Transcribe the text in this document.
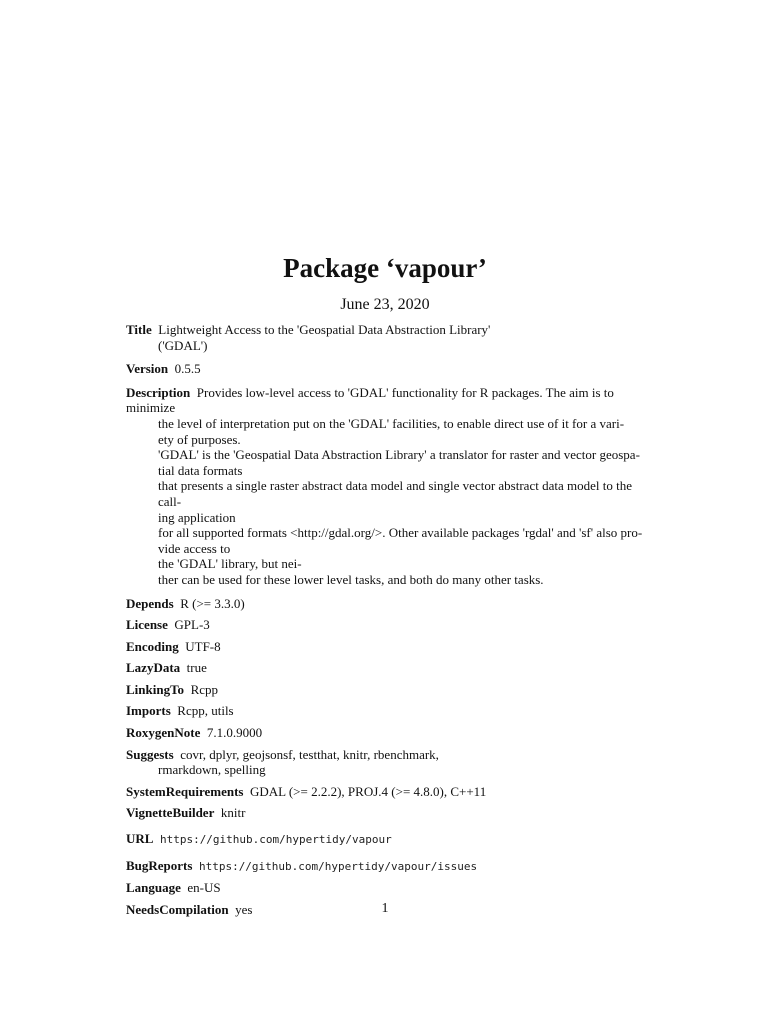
Package ‘vapour’
June 23, 2020

Title Lightweight Access to the 'Geospatial Data Abstraction Library'
('GDAL')

Version 0.5.5

Description Provides low-level access to 'GDAL' functionality for R packages. The aim is to minimize
the level of interpretation put on the 'GDAL' facilities, to enable direct use of it for a vari-
ety of purposes.
'GDAL' is the 'Geospatial Data Abstraction Library' a translator for raster and vector geospa-
tial data formats
that presents a single raster abstract data model and single vector abstract data model to the call-
ing application
for all supported formats <http://gdal.org/>. Other available packages 'rgdal' and 'sf' also pro-
vide access to
the 'GDAL' library, but nei-
ther can be used for these lower level tasks, and both do many other tasks.

Depends R (>= 3.3.0)

License GPL-3

Encoding UTF-8

LazyData true

LinkingTo Rcpp

Imports Rcpp, utils

RoxygenNote 7.1.0.9000

Suggests covr, dplyr, geojsonsf, testthat, knitr, rbenchmark,
rmarkdown, spelling

SystemRequirements GDAL (>= 2.2.2), PROJ.4 (>= 4.8.0), C++11

VignetteBuilder knitr

URL https://github.com/hypertidy/vapour

BugReports https://github.com/hypertidy/vapour/issues

Language en-US

NeedsCompilation yes	1
